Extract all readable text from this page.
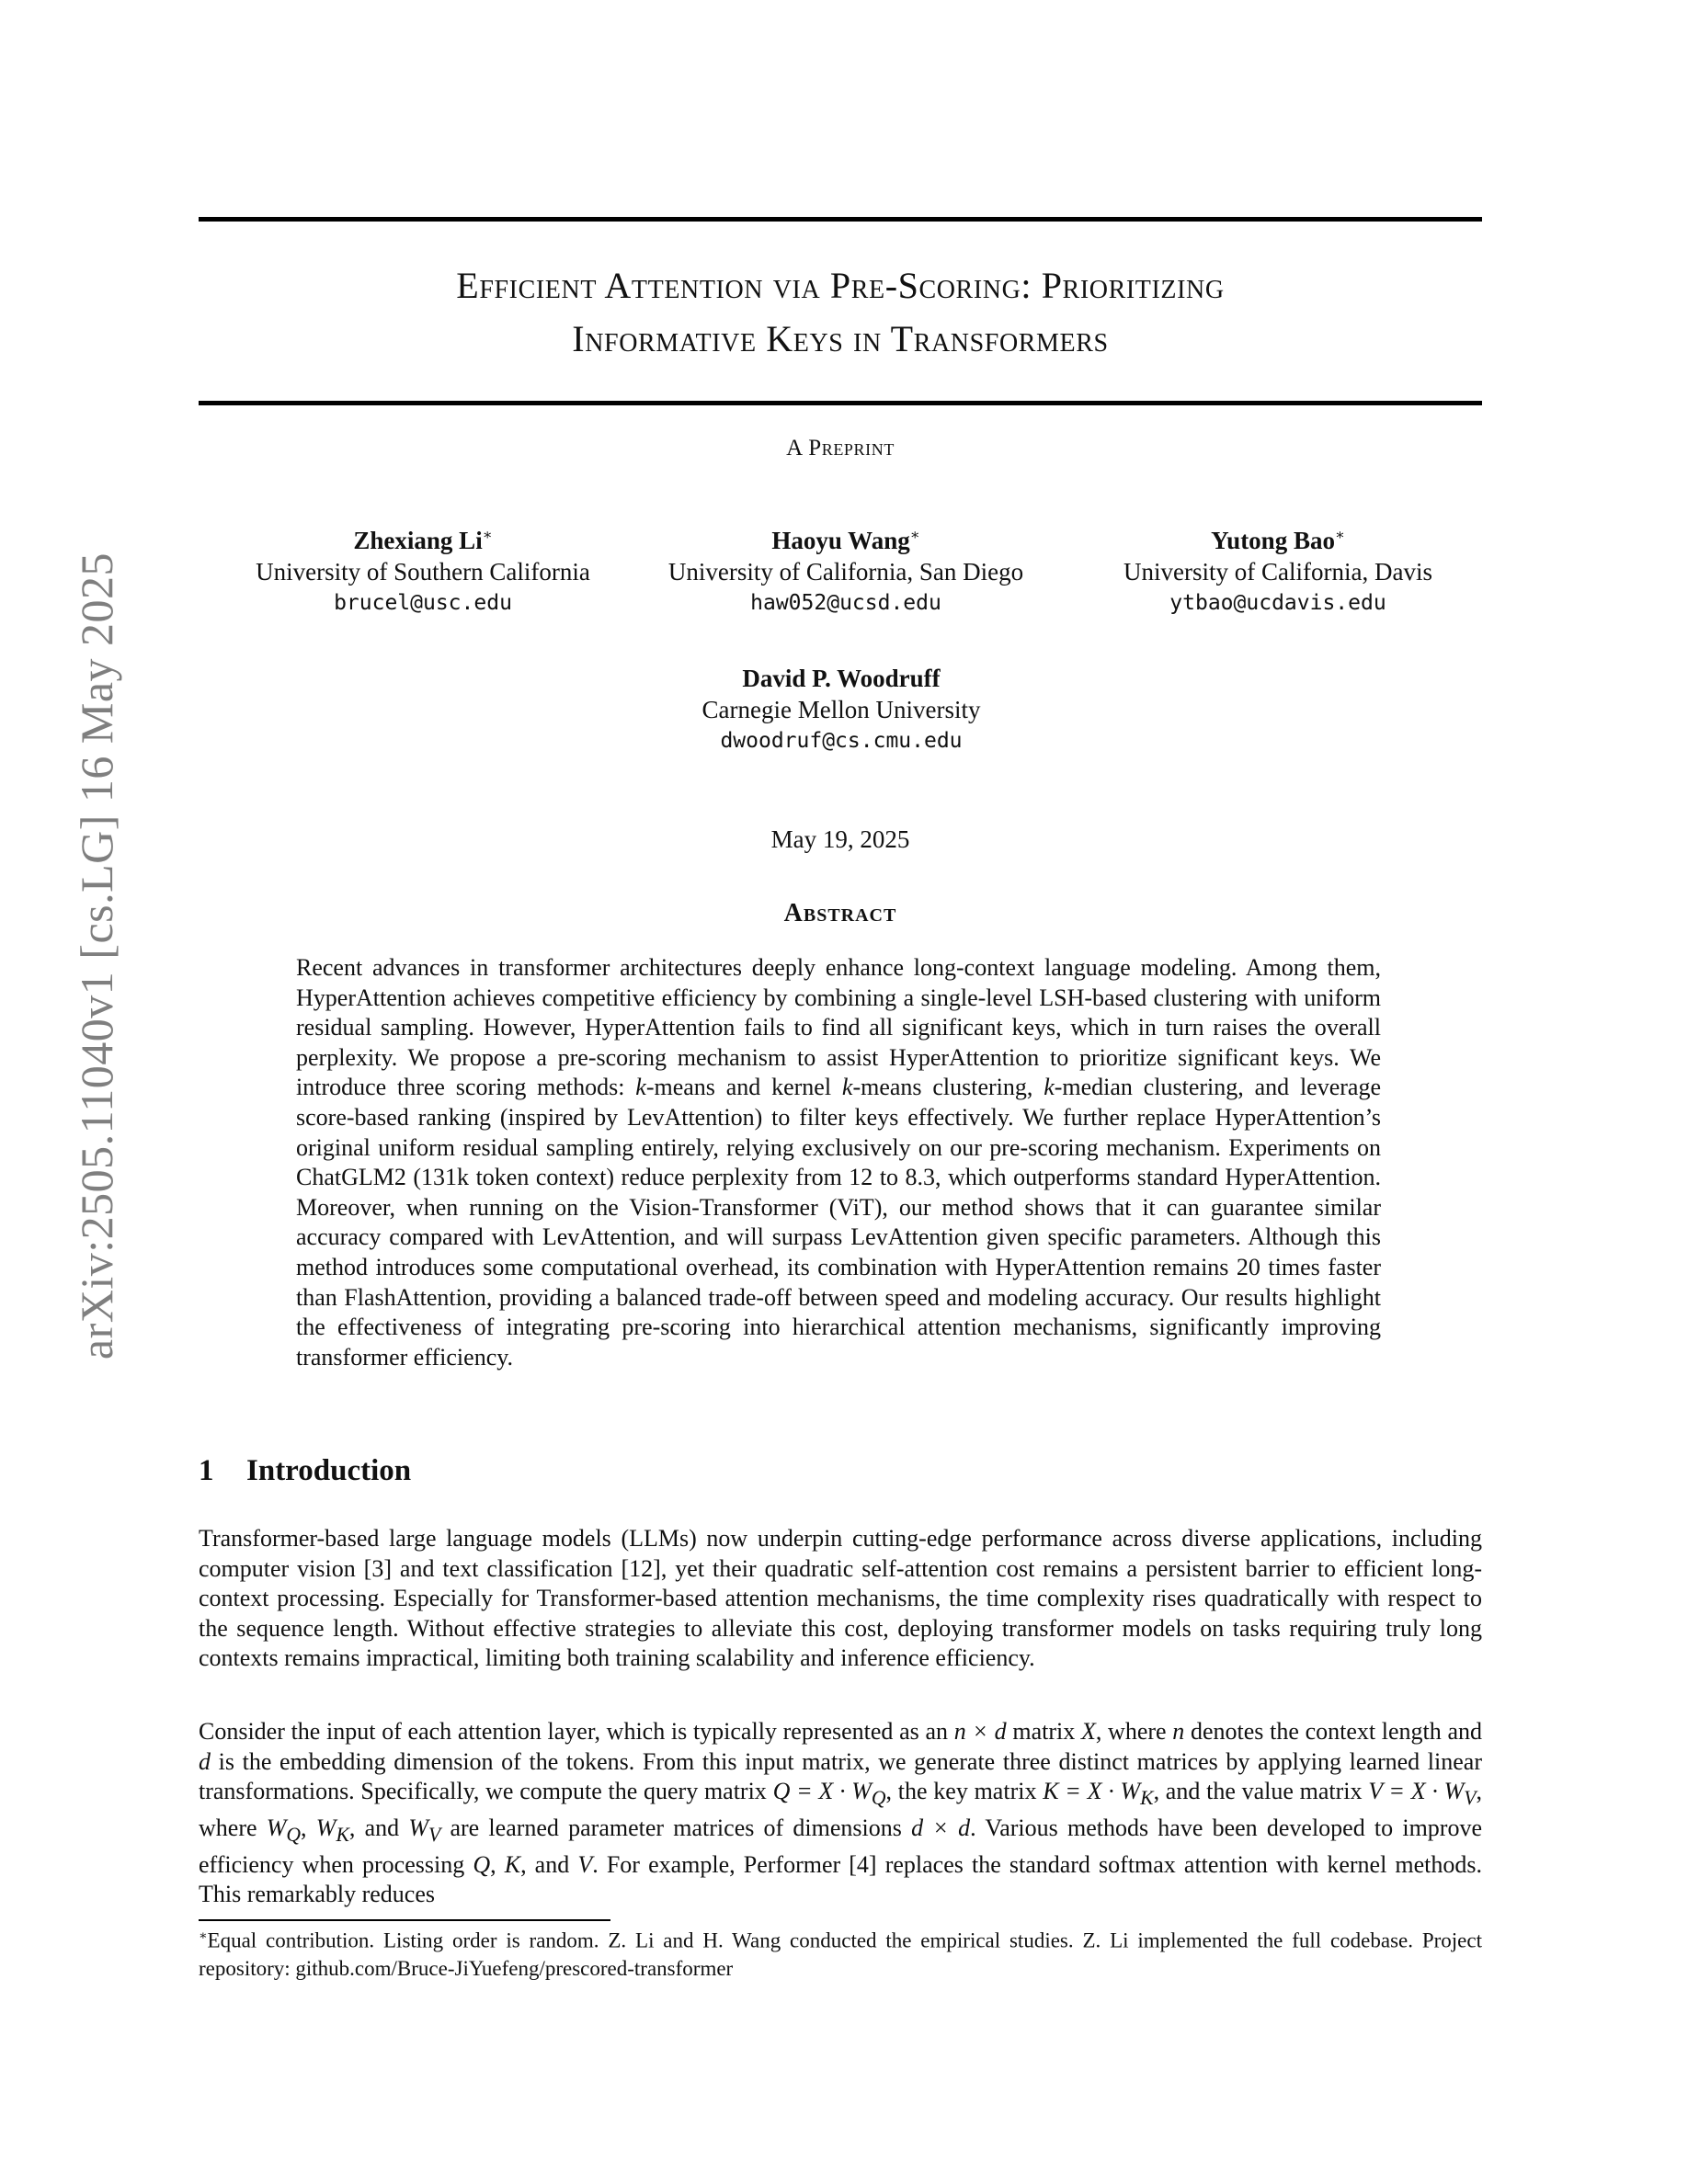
arXiv:2505.11040v1 [cs.LG] 16 May 2025
Efficient Attention via Pre-Scoring: Prioritizing
Informative Keys in Transformers
A Preprint
Zhexiang Li∗
University of Southern California
brucel@usc.edu
Haoyu Wang∗
University of California, San Diego
haw052@ucsd.edu
Yutong Bao∗
University of California, Davis
ytbao@ucdavis.edu
David P. Woodruff
Carnegie Mellon University
dwoodruf@cs.cmu.edu
May 19, 2025
Abstract

Recent advances in transformer architectures deeply enhance long-context language modeling. Among them, HyperAttention achieves competitive efficiency by combining a single-level LSH-based clustering with uniform residual sampling. However, HyperAttention fails to find all significant keys, which in turn raises the overall perplexity. We propose a pre-scoring mechanism to assist HyperAttention to prioritize significant keys. We introduce three scoring methods: k-means and kernel k-means clustering, k-median clustering, and leverage score-based ranking (inspired by LevAttention) to filter keys effectively. We further replace HyperAttention’s original uniform residual sampling entirely, relying exclusively on our pre-scoring mechanism. Experiments on ChatGLM2 (131k token context) reduce perplexity from 12 to 8.3, which outperforms standard HyperAttention. Moreover, when running on the Vision-Transformer (ViT), our method shows that it can guarantee similar accuracy compared with LevAttention, and will surpass LevAttention given specific parameters. Although this method introduces some computational overhead, its combination with HyperAttention remains 20 times faster than FlashAttention, providing a balanced trade-off between speed and modeling accuracy. Our results highlight the effectiveness of integrating pre-scoring into hierarchical attention mechanisms, significantly improving transformer efficiency.

1 Introduction

Transformer-based large language models (LLMs) now underpin cutting-edge performance across diverse applications, including computer vision [3] and text classification [12], yet their quadratic self-attention cost remains a persistent barrier to efficient long-context processing. Especially for Transformer-based attention mechanisms, the time complexity rises quadratically with respect to the sequence length. Without effective strategies to alleviate this cost, deploying transformer models on tasks requiring truly long contexts remains impractical, limiting both training scalability and inference efficiency.

Consider the input of each attention layer, which is typically represented as an n × d matrix X, where n denotes the context length and d is the embedding dimension of the tokens. From this input matrix, we generate three distinct matrices by applying learned linear transformations. Specifically, we compute the query matrix $Q = X \cdot W_Q$, the key matrix $K = X \cdot W_K$, and the value matrix $V = X \cdot W_V$, where $W_Q$, $W_K$, and $W_V$ are learned parameter matrices of dimensions d × d. Various methods have been developed to improve efficiency when processing Q, K, and V. For example, Performer [4] replaces the standard softmax attention with kernel methods. This remarkably reduces

∗Equal contribution. Listing order is random. Z. Li and H. Wang conducted the empirical studies. Z. Li implemented the full codebase. Project repository: github.com/Bruce-JiYuefeng/prescored-transformer
